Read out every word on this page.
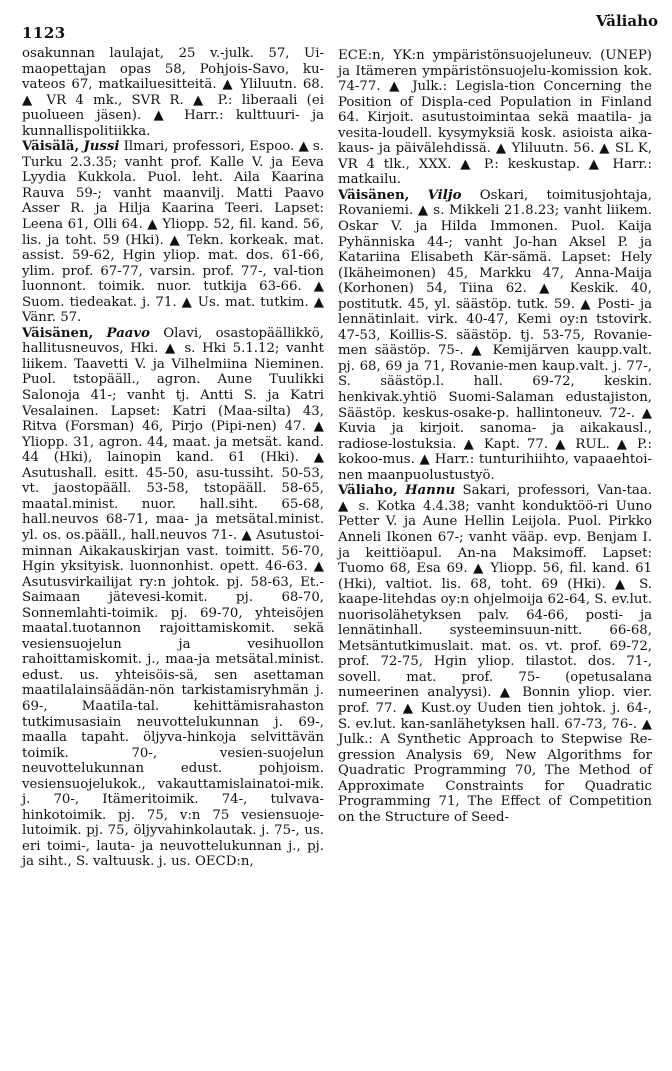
1123
Väliaho

osakunnan laulajat, 25 v.-julk. 57, Ui-maopettajan opas 58, Pohjois-Savo, ku-vateos 67, matkailuesitteitä. ▲ Yliluutn. 68. ▲ VR 4 mk., SVR R. ▲ P.: liberaali (ei puolueen jäsen). ▲ Harr.: kulttuuri- ja kunnallispolitiikka.

Väisälä, Jussi Ilmari, professori, Espoo. ▲ s. Turku 2.3.35; vanht prof. Kalle V. ja Eeva Lyydia Kukkola. Puol. leht. Aila Kaarina Rauva 59-; vanht maanvilj. Matti Paavo Asser R. ja Hilja Kaarina Teeri. Lapset: Leena 61, Olli 64. ▲ Yliopp. 52, fil. kand. 56, lis. ja toht. 59 (Hki). ▲ Tekn. korkeak. mat. assist. 59-62, Hgin yliop. mat. dos. 61-66, ylim. prof. 67-77, varsin. prof. 77-, val-tion luonnont. toimik. nuor. tutkija 63-66. ▲ Suom. tiedeakat. j. 71. ▲ Us. mat. tutkim. ▲ Vänr. 57.

Väisänen, Paavo Olavi, osastopäällikkö, hallitusneuvos, Hki. ▲ s. Hki 5.1.12; vanht liikem. Taavetti V. ja Vilhelmiina Nieminen. Puol. tstopääll., agron. Aune Tuulikki Salonoja 41-; vanht tj. Antti S. ja Katri Vesalainen. Lapset: Katri (Maa-silta) 43, Ritva (Forsman) 46, Pirjo (Pipi-nen) 47. ▲ Yliopp. 31, agron. 44, maat. ja metsät. kand. 44 (Hki), lainopin kand. 61 (Hki). ▲ Asutushall. esitt. 45-50, asu-tussiht. 50-53, vt. jaostopääll. 53-58, tstopääll. 58-65, maatal.minist. nuor. hall.siht. 65-68, hall.neuvos 68-71, maa- ja metsätal.minist. yl. os. os.pääll., hall.neuvos 71-. ▲ Asutustoi-minnan Aikakauskirjan vast. toimitt. 56-70, Hgin yksityisk. luonnonhist. opett. 46-63. ▲ Asutusvirkailijat ry:n johtok. pj. 58-63, Et.-Saimaan jätevesi-komit. pj. 68-70, Sonnemlahti-toimik. pj. 69-70, yhteisöjen maatal.tuotannon rajoittamiskomit. sekä vesiensuojelun ja vesihuollon rahoittamiskomit. j., maa-ja metsätal.minist. edust. us. yhteisöis-sä, sen asettaman maatilalainsäädän-nön tarkistamisryhmän j. 69-, Maatila-tal. kehittämisrahaston tutkimusasiain neuvottelukunnan j. 69-, maalla tapaht. öljyva-hinkoja selvittävän toimik. 70-, vesien-suojelun neuvottelukunnan edust. pohjoism. vesiensuojelukok., vakauttamislainatoi-mik. j. 70-, Itämeritoimik. 74-, tulvava-hinkotoimik. pj. 75, v:n 75 vesiensuoje-lutoimik. pj. 75, öljyvahinkolautak. j. 75-, us. eri toimi-, lauta- ja neuvottelukunnan j., pj. ja siht., S. valtuusk. j. us. OECD:n,

ECE:n, YK:n ympäristönsuojeluneuv. (UNEP) ja Itämeren ympäristönsuojelu-komission kok. 74-77. ▲ Julk.: Legisla-tion Concerning the Position of Displa-ced Population in Finland 64. Kirjoit. asutustoimintaa sekä maatila- ja vesita-loudell. kysymyksiä kosk. asioista aika-kaus- ja päivälehdissä. ▲ Yliluutn. 56. ▲ SL K, VR 4 tlk., XXX. ▲ P.: keskustap. ▲ Harr.: matkailu.

Väisänen, Viljo Oskari, toimitusjohtaja, Rovaniemi. ▲ s. Mikkeli 21.8.23; vanht liikem. Oskar V. ja Hilda Immonen. Puol. Kaija Pyhänniska 44-; vanht Jo-han Aksel P. ja Katariina Elisabeth Kär-sämä. Lapset: Hely (Ikäheimonen) 45, Markku 47, Anna-Maija (Korhonen) 54, Tiina 62. ▲ Keskik. 40, postitutk. 45, yl. säästöp. tutk. 59. ▲ Posti- ja lennätinlait. virk. 40-47, Kemi oy:n tstovirk. 47-53, Koillis-S. säästöp. tj. 53-75, Rovanie-men säästöp. 75-. ▲ Kemijärven kaupp.valt. pj. 68, 69 ja 71, Rovanie-men kaup.valt. j. 77-, S. säästöp.l. hall. 69-72, keskin. henkivak.yhtiö Suomi-Salaman edustajiston, Säästöp. keskus-osake-p. hallintoneuv. 72-. ▲ Kuvia ja kirjoit. sanoma- ja aikakausl., radiose-lostuksia. ▲ Kapt. 77. ▲ RUL. ▲ P.: kokoo-mus. ▲ Harr.: tunturihiihto, vapaaehtoi-nen maanpuolustustyö.

Väliaho, Hannu Sakari, professori, Van-taa. ▲ s. Kotka 4.4.38; vanht konduktöö-ri Uuno Petter V. ja Aune Hellin Leijola. Puol. Pirkko Anneli Ikonen 67-; vanht vääp. evp. Benjam I. ja keittiöapul. An-na Maksimoff. Lapset: Tuomo 68, Esa 69. ▲ Yliopp. 56, fil. kand. 61 (Hki), valtiot. lis. 68, toht. 69 (Hki). ▲ S. kaape-litehdas oy:n ohjelmoija 62-64, S. ev.lut. nuorisolähetyksen palv. 64-66, posti- ja lennätinhall. systeeminsuun-nitt. 66-68, Metsäntutkimuslait. mat. os. vt. prof. 69-72, prof. 72-75, Hgin yliop. tilastot. dos. 71-, sovell. mat. prof. 75- (opetusalana numeerinen analyysi). ▲ Bonnin yliop. vier. prof. 77. ▲ Kust.oy Uuden tien johtok. j. 64-, S. ev.lut. kan-sanlähetyksen hall. 67-73, 76-. ▲ Julk.: A Synthetic Approach to Stepwise Re-gression Analysis 69, New Algorithms for Quadratic Programming 70, The Method of Approximate Constraints for Quadratic Programming 71, The Effect of Competition on the Structure of Seed-
